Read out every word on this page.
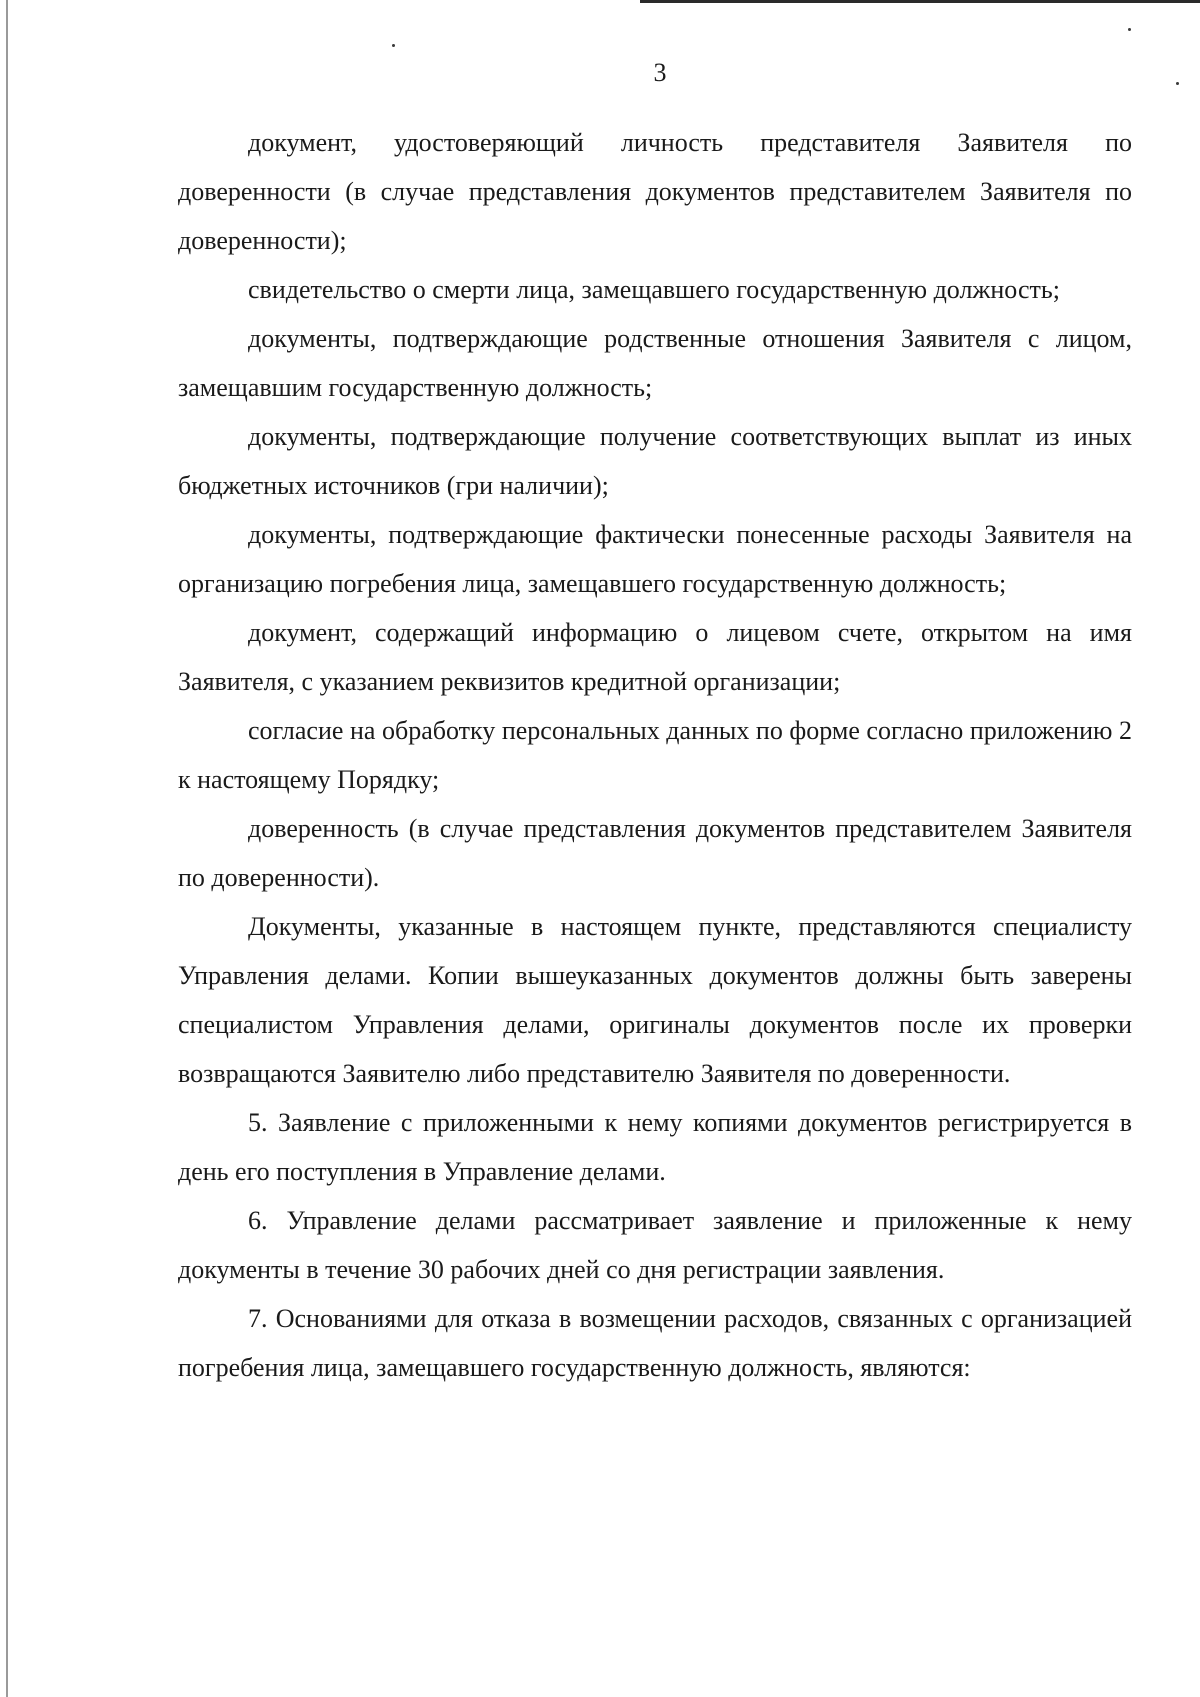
3

документ, удостоверяющий личность представителя Заявителя по доверенности (в случае представления документов представителем Заявителя по доверенности);

свидетельство о смерти лица, замещавшего государственную должность;

документы, подтверждающие родственные отношения Заявителя с лицом, замещавшим государственную должность;

документы, подтверждающие получение соответствующих выплат из иных бюджетных источников (гри наличии);

документы, подтверждающие фактически понесенные расходы Заявителя на организацию погребения лица, замещавшего государственную должность;

документ, содержащий информацию о лицевом счете, открытом на имя Заявителя, с указанием реквизитов кредитной организации;

согласие на обработку персональных данных по форме согласно приложению 2 к настоящему Порядку;

доверенность (в случае представления документов представителем Заявителя по доверенности).

Документы, указанные в настоящем пункте, представляются специалисту Управления делами. Копии вышеуказанных документов должны быть заверены специалистом Управления делами, оригиналы документов после их проверки возвращаются Заявителю либо представителю Заявителя по доверенности.

5. Заявление с приложенными к нему копиями документов регистрируется в день его поступления в Управление делами.

6. Управление делами рассматривает заявление и приложенные к нему документы в течение 30 рабочих дней со дня регистрации заявления.

7. Основаниями для отказа в возмещении расходов, связанных с организацией погребения лица, замещавшего государственную должность, являются:
